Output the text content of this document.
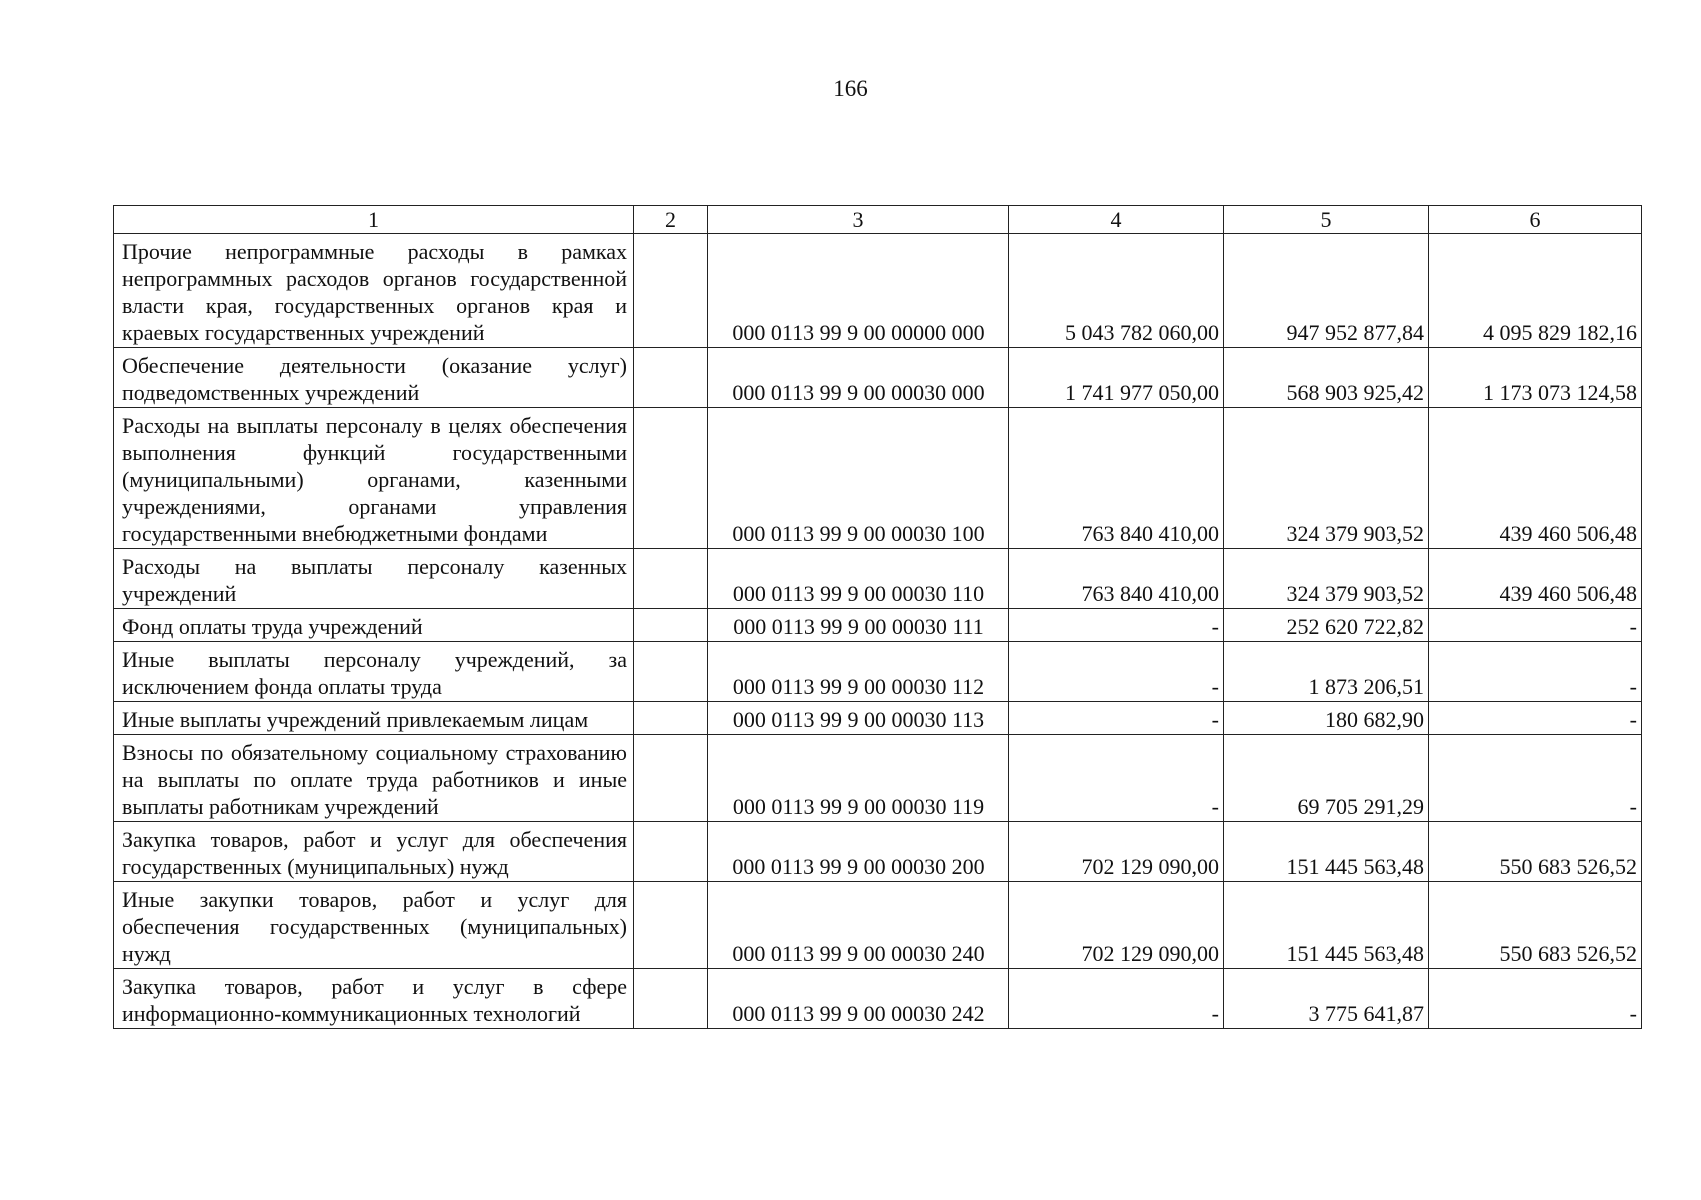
166
1	2	3	4	5	6
Прочие непрограммные расходы в рамках непрограммных расходов органов государственной власти края, государственных органов края и краевых государственных учреждений		000 0113 99 9 00 00000 000	5 043 782 060,00	947 952 877,84	4 095 829 182,16
Обеспечение деятельности (оказание услуг) подведомственных учреждений		000 0113 99 9 00 00030 000	1 741 977 050,00	568 903 925,42	1 173 073 124,58
Расходы на выплаты персоналу в целях обеспечения выполнения функций государственными (муниципальными) органами, казенными учреждениями, органами управления государственными внебюджетными фондами		000 0113 99 9 00 00030 100	763 840 410,00	324 379 903,52	439 460 506,48
Расходы на выплаты персоналу казенных учреждений		000 0113 99 9 00 00030 110	763 840 410,00	324 379 903,52	439 460 506,48
Фонд оплаты труда учреждений		000 0113 99 9 00 00030 111	-	252 620 722,82	-
Иные выплаты персоналу учреждений, за исключением фонда оплаты труда		000 0113 99 9 00 00030 112	-	1 873 206,51	-
Иные выплаты учреждений привлекаемым лицам		000 0113 99 9 00 00030 113	-	180 682,90	-
Взносы по обязательному социальному страхованию на выплаты по оплате труда работников и иные выплаты работникам учреждений		000 0113 99 9 00 00030 119	-	69 705 291,29	-
Закупка товаров, работ и услуг для обеспечения государственных (муниципальных) нужд		000 0113 99 9 00 00030 200	702 129 090,00	151 445 563,48	550 683 526,52
Иные закупки товаров, работ и услуг для обеспечения государственных (муниципальных) нужд		000 0113 99 9 00 00030 240	702 129 090,00	151 445 563,48	550 683 526,52
Закупка товаров, работ и услуг в сфере информационно-коммуникационных технологий		000 0113 99 9 00 00030 242	-	3 775 641,87	-
